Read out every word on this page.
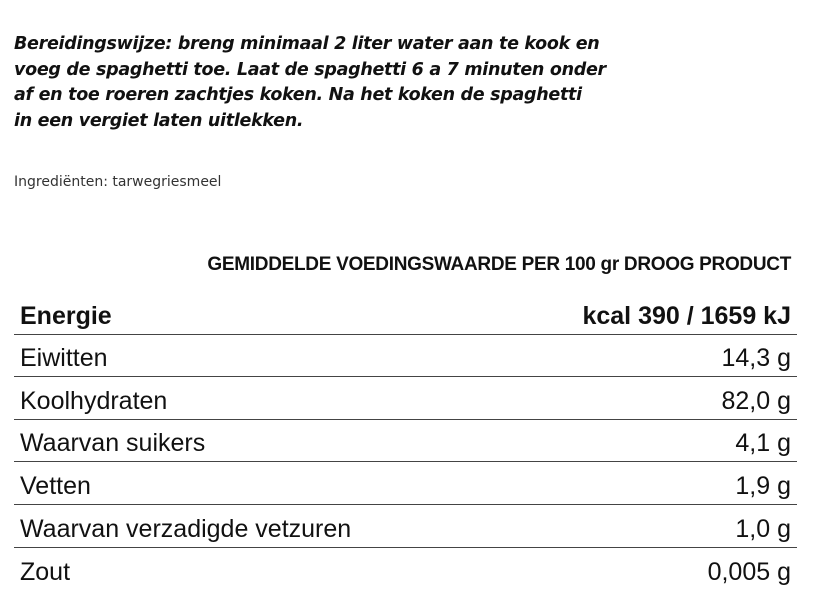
Bereidingswijze: breng minimaal 2 liter water aan te kook en
voeg de spaghetti toe. Laat de spaghetti 6 a 7 minuten onder
af en toe roeren zachtjes koken. Na het koken de spaghetti
in een vergiet laten uitlekken.
Ingrediënten: tarwegriesmeel
GEMIDDELDE VOEDINGSWAARDE PER 100 gr DROOG PRODUCT
Energie	kcal 390 / 1659 kJ
Eiwitten	14,3 g
Koolhydraten	82,0 g
Waarvan suikers	4,1 g
Vetten	1,9 g
Waarvan verzadigde vetzuren	1,0 g
Zout	0,005 g
